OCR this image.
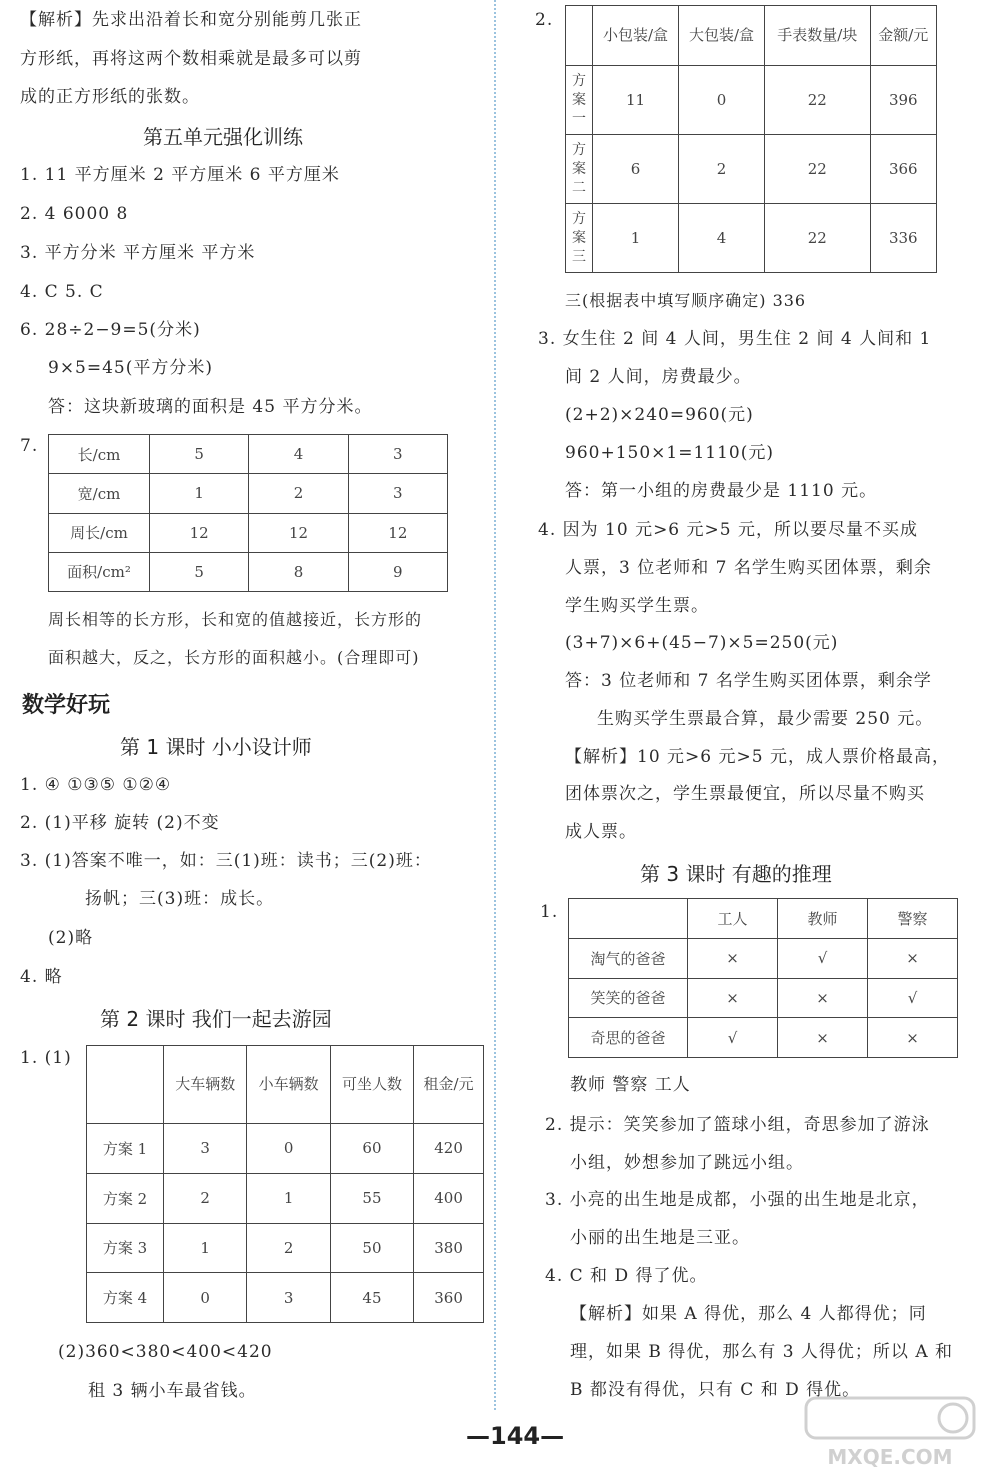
【解析】先求出沿着长和宽分别能剪几张正
方形纸，再将这两个数相乘就是最多可以剪
成的正方形纸的张数。
第五单元强化训练
1. 11 平方厘米 2 平方厘米 6 平方厘米
2. 4 6000 8
3. 平方分米 平方厘米 平方米
4. C 5. C
6. 28÷2−9=5(分米)
9×5=45(平方分米)
答：这块新玻璃的面积是 45 平方分米。
7.	长/cm	5	4	3
宽/cm	1	2	3
周长/cm	12	12	12
面积/cm²	5	8	9
周长相等的长方形，长和宽的值越接近，长方形的
面积越大，反之，长方形的面积越小。(合理即可)
数学好玩
第 1 课时 小小设计师
1. ④ ①③⑤ ①②④
2. (1)平移 旋转 (2)不变
3. (1)答案不唯一，如：三(1)班：读书；三(2)班：
扬帆；三(3)班：成长。
(2)略
4. 略
第 2 课时 我们一起去游园
1. (1)
	大车辆数	小车辆数	可坐人数	租金/元
方案 1	3	0	60	420
方案 2	2	1	55	400
方案 3	1	2	50	380
方案 4	0	3	45	360
(2)360<380<400<420
租 3 辆小车最省钱。
2.
	小包装/盒	大包装/盒	手表数量/块	金额/元
方案一	11	0	22	396
方案二	6	2	22	366
方案三	1	4	22	336
三(根据表中填写顺序确定) 336
3. 女生住 2 间 4 人间，男生住 2 间 4 人间和 1
间 2 人间，房费最少。
(2+2)×240=960(元)
960+150×1=1110(元)
答：第一小组的房费最少是 1110 元。
4. 因为 10 元>6 元>5 元，所以要尽量不买成
人票，3 位老师和 7 名学生购买团体票，剩余
学生购买学生票。
(3+7)×6+(45−7)×5=250(元)
答：3 位老师和 7 名学生购买团体票，剩余学
生购买学生票最合算，最少需要 250 元。
【解析】10 元>6 元>5 元，成人票价格最高，
团体票次之，学生票最便宜，所以尽量不购买
成人票。
第 3 课时 有趣的推理
1.
		工人	教师	警察
淘气的爸爸	×	√	×
笑笑的爸爸	×	×	√
奇思的爸爸	√	×	×
教师 警察 工人
2. 提示：笑笑参加了篮球小组，奇思参加了游泳
小组，妙想参加了跳远小组。
3. 小亮的出生地是成都，小强的出生地是北京，
小丽的出生地是三亚。
4. C 和 D 得了优。
【解析】如果 A 得优，那么 4 人都得优；同
理，如果 B 得优，那么有 3 人得优；所以 A 和
B 都没有得优，只有 C 和 D 得优。
—144—
MXQE.COM
